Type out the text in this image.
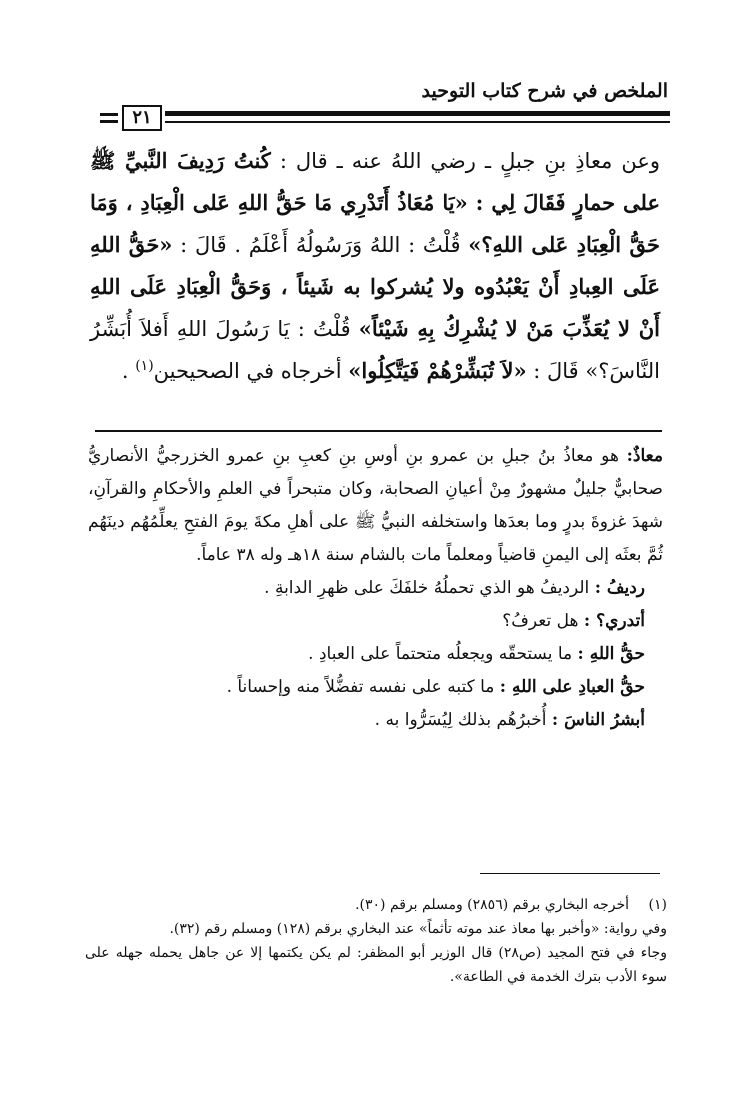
الملخص في شرح كتاب التوحيد
٢١

وعن معاذِ بنِ جبلٍ ـ رضي اللهُ عنه ـ قال : كُنتُ رَدِيفَ النَّبيِّ ﷺ على حمارٍ فَقَالَ لِي : «يَا مُعَاذُ أَتَدْرِي مَا حَقُّ اللهِ عَلى الْعِبَادِ ، وَمَا حَقُّ الْعِبَادِ عَلى اللهِ؟» قُلْتُ : اللهُ وَرَسُولُهُ أَعْلَمُ . قَالَ : «حَقُّ اللهِ عَلَى العِبادِ أَنْ يَعْبُدُوه ولا يُشركوا به شَيئاً ، وَحَقُّ الْعِبَادِ عَلَى اللهِ أَنْ لا يُعَذِّبَ مَنْ لا يُشْرِكُ بِهِ شَيْئاً» قُلْتُ : يَا رَسُولَ اللهِ أَفلاَ أُبَشِّرُ النَّاسَ؟» قَالَ : «لاَ تُبَشِّرْهُمْ فَيَتَّكِلُوا» أخرجاه في الصحيحين$^{(١)}$ .

معاذٌ: هو معاذُ بنُ جبلِ بن عمرو بنِ أوسِ بنِ كعبِ بنِ عمرو الخزرجيُّ الأنصاريُّ صحابيٌّ جليلٌ مشهورٌ مِنْ أعيانِ الصحابة، وكان متبحراً في العلمِ والأحكامِ والقرآنِ، شهدَ غزوةَ بدرٍ وما بعدَها واستخلفه النبيُّ ﷺ على أهلِ مكةَ يومَ الفتحِ يعلِّمُهُم دينَهُم ثُمَّ بعثَه إلى اليمنِ قاضياً ومعلماً مات بالشام سنة ١٨هـ وله ٣٨ عاماً.

رديفُ : الرديفُ هو الذي تحملُهُ خلفَكَ على ظهرِ الدابةِ .

أتدري؟ : هل تعرفُ؟

حقُّ اللهِ : ما يستحقّه ويجعلُه متحتماً على العبادِ .

حقُّ العبادِ على اللهِ : ما كتبه على نفسه تفضُّلاً منه وإحساناً .

أبشرُ الناسَ : أُخبرُهُم بذلك لِيُسَرُّوا به .

(١)أخرجه البخاري برقم (٢٨٥٦) ومسلم برقم (٣٠).

وفي رواية: «وأخبر بها معاذ عند موته تأثماً» عند البخاري برقم (١٢٨) ومسلم رقم (٣٢).

وجاء في فتح المجيد (ص٢٨) قال الوزير أبو المظفر: لم يكن يكتمها إلا عن جاهل يحمله جهله على سوء الأدب بترك الخدمة في الطاعة».
